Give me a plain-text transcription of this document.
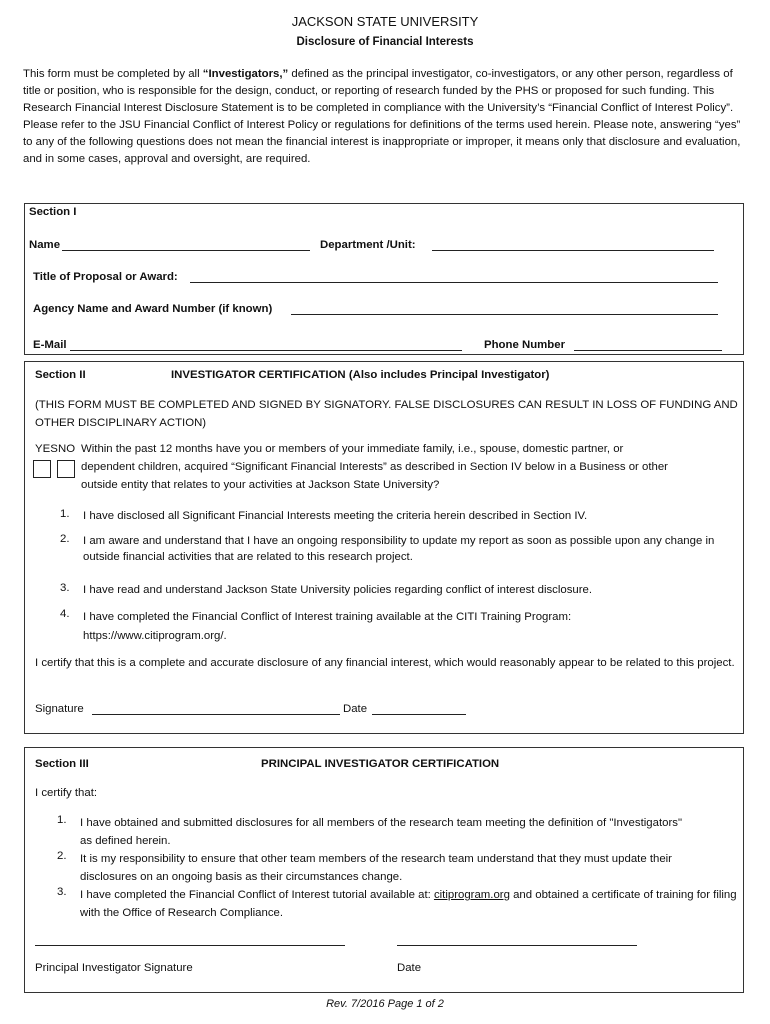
JACKSON STATE UNIVERSITY
Disclosure of Financial Interests

This form must be completed by all “Investigators,” defined as the principal investigator, co-investigators, or any other person, regardless of title or position, who is responsible for the design, conduct, or reporting of research funded by the PHS or proposed for such funding. This Research Financial Interest Disclosure Statement is to be completed in compliance with the University’s “Financial Conflict of Interest Policy”. Please refer to the JSU Financial Conflict of Interest Policy or regulations for definitions of the terms used herein. Please note, answering “yes” to any of the following questions does not mean the financial interest is inappropriate or improper, it means only that disclosure and evaluation, and in some cases, approval and oversight, are required.

Section I
Name	Department /Unit:
Title of Proposal or Award:
Agency Name and Award Number (if known)
E-Mail	Phone Number
Section II	INVESTIGATOR CERTIFICATION (Also includes Principal Investigator)
(THIS FORM MUST BE COMPLETED AND SIGNED BY SIGNATORY. FALSE DISCLOSURES CAN RESULT IN LOSS OF FUNDING AND OTHER DISCIPLINARY ACTION)
YES NO Within the past 12 months have you or members of your immediate family, i.e., spouse, domestic partner, or
dependent children, acquired “Significant Financial Interests” as described in Section IV below in a Business or other
outside entity that relates to your activities at Jackson State University?
1. I have disclosed all Significant Financial Interests meeting the criteria herein described in Section IV.
2. I am aware and understand that I have an ongoing responsibility to update my report as soon as possible upon any change in outside financial activities that are related to this research project.
3. I have read and understand Jackson State University policies regarding conflict of interest disclosure.
4. I have completed the Financial Conflict of Interest training available at the CITI Training Program: https://www.citiprogram.org/.
I certify that this is a complete and accurate disclosure of any financial interest, which would reasonably appear to be related to this project.
Signature	Date
Section III	PRINCIPAL INVESTIGATOR CERTIFICATION
I certify that:
1. I have obtained and submitted disclosures for all members of the research team meeting the definition of "Investigators" as defined herein.
2. It is my responsibility to ensure that other team members of the research team understand that they must update their disclosures on an ongoing basis as their circumstances change.
3. I have completed the Financial Conflict of Interest tutorial available at: citiprogram.org and obtained a certificate of training for filing with the Office of Research Compliance.
Principal Investigator Signature	Date
Rev. 7/2016 Page 1 of 2
